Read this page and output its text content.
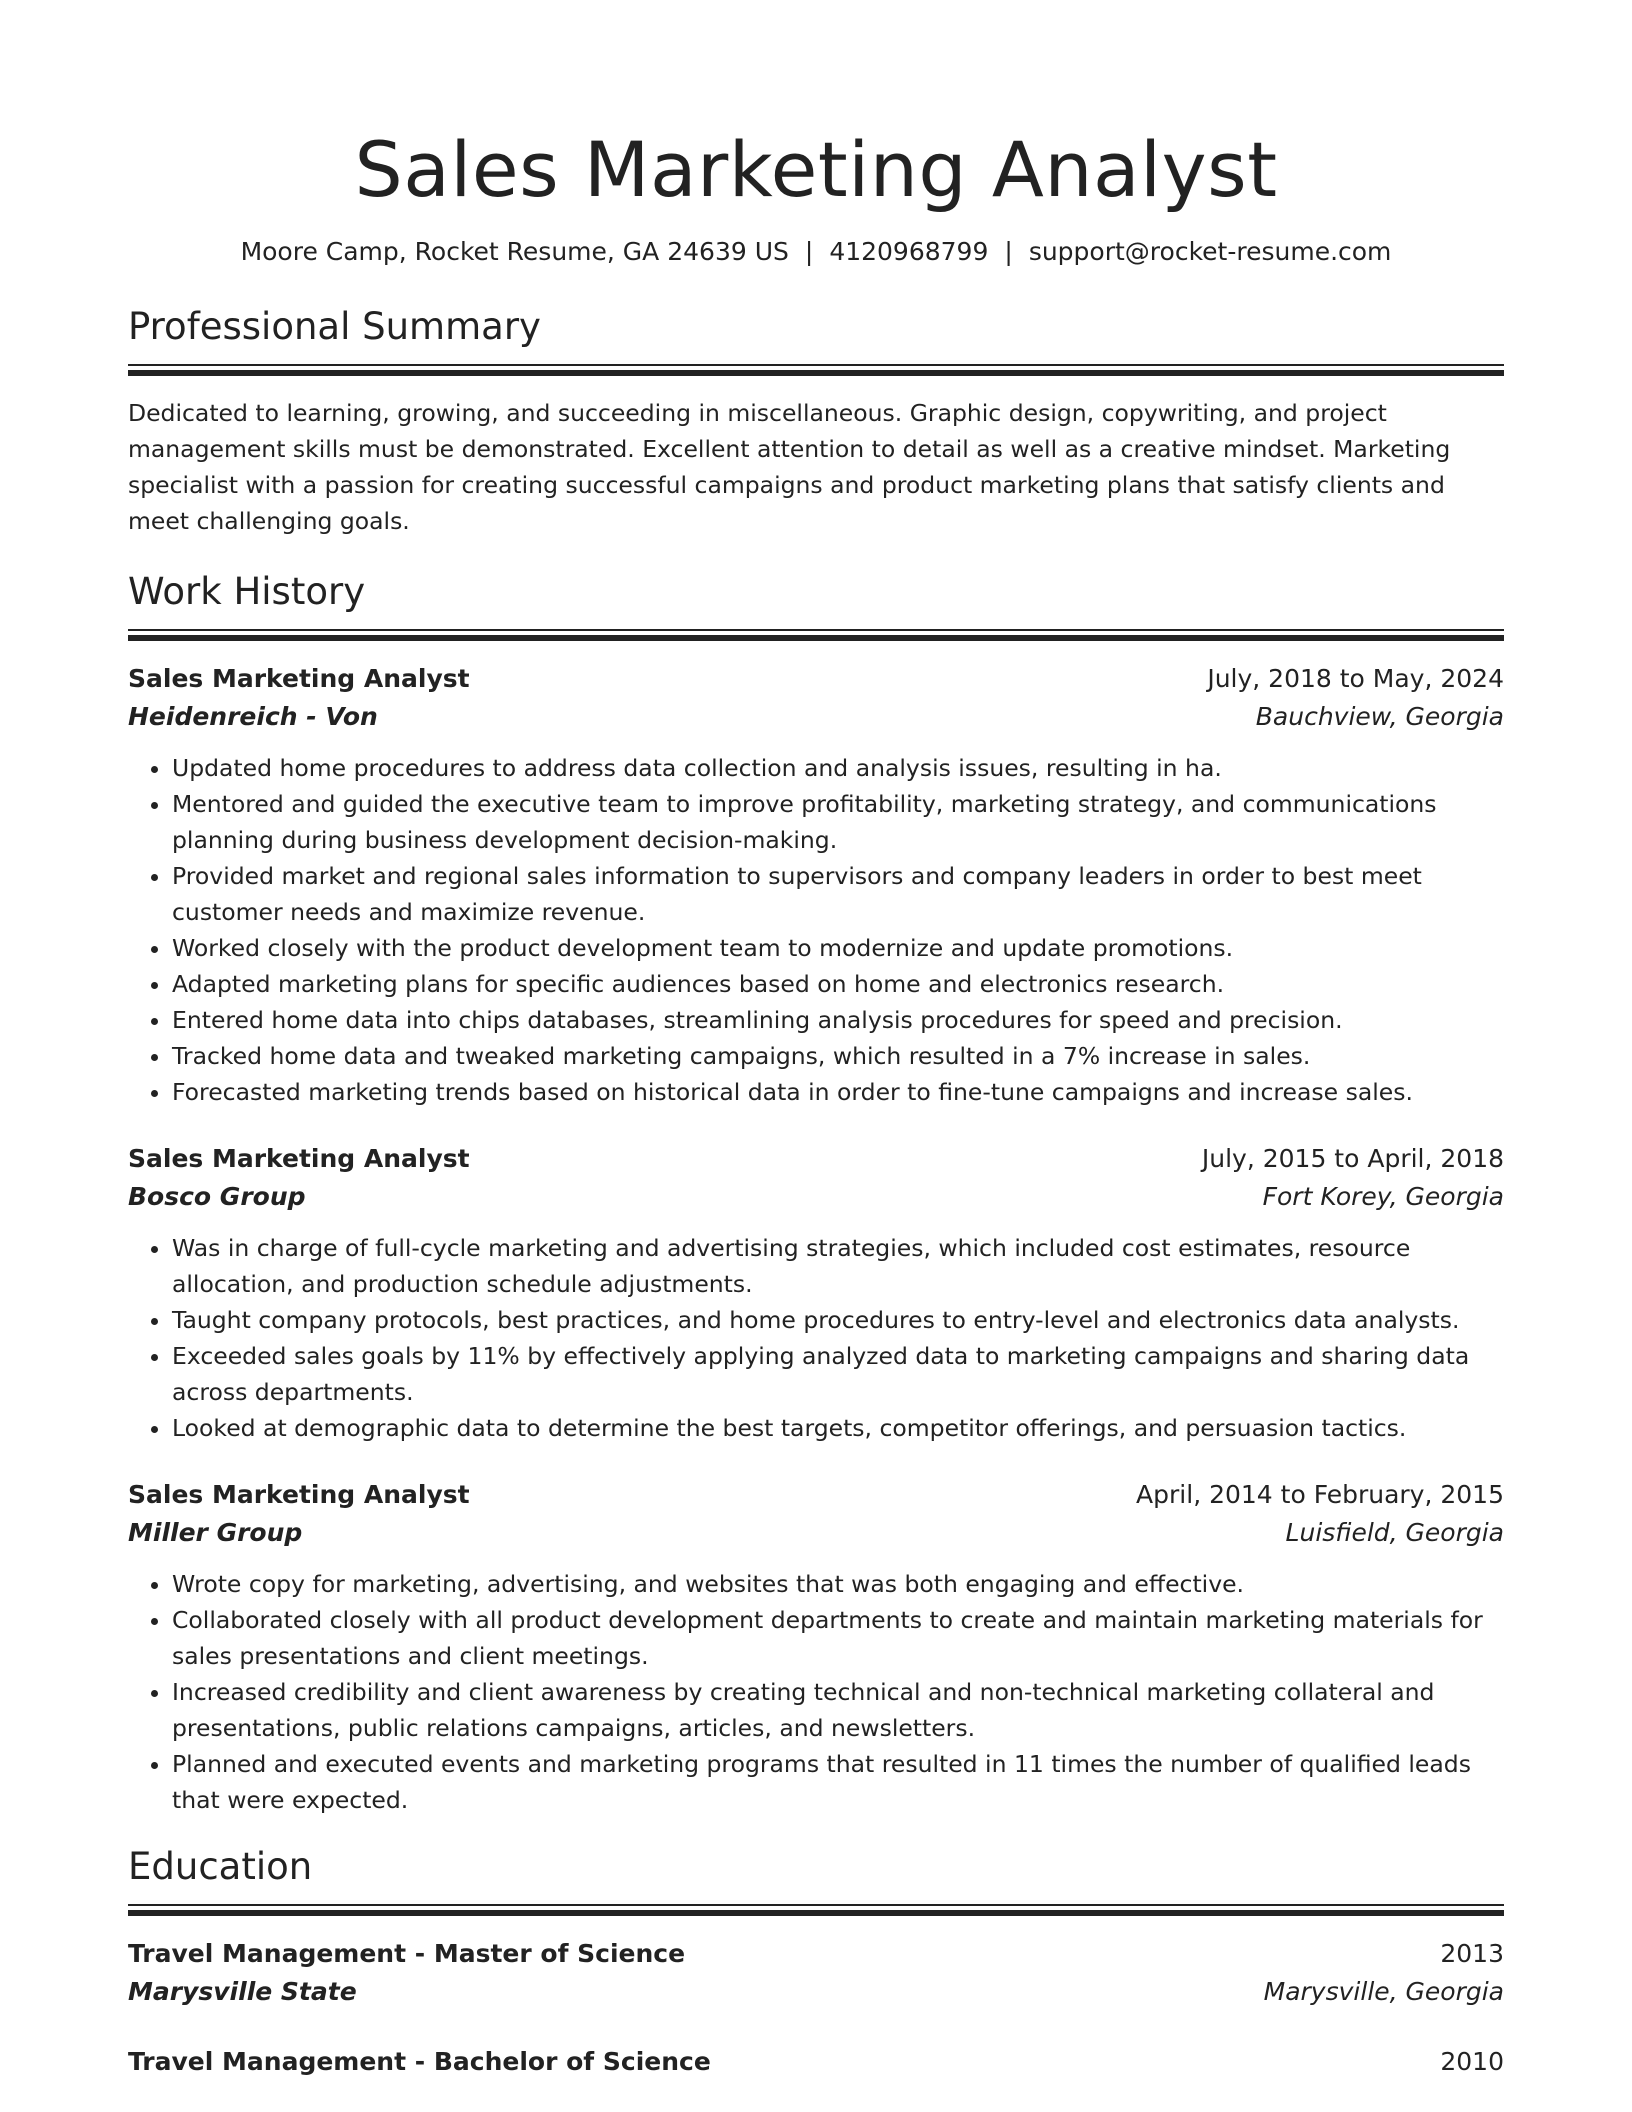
Sales Marketing Analyst
Moore Camp, Rocket Resume, GA 24639 US | 4120968799 | support@rocket-resume.com
Professional Summary
Dedicated to learning, growing, and succeeding in miscellaneous. Graphic design, copywriting, and project management skills must be demonstrated. Excellent attention to detail as well as a creative mindset. Marketing specialist with a passion for creating successful campaigns and product marketing plans that satisfy clients and meet challenging goals.
Work History
Sales Marketing Analyst	July, 2018 to May, 2024
Heidenreich - Von	Bauchview, Georgia
• Updated home procedures to address data collection and analysis issues, resulting in ha.
• Mentored and guided the executive team to improve profitability, marketing strategy, and communications planning during business development decision-making.
• Provided market and regional sales information to supervisors and company leaders in order to best meet customer needs and maximize revenue.
• Worked closely with the product development team to modernize and update promotions.
• Adapted marketing plans for specific audiences based on home and electronics research.
• Entered home data into chips databases, streamlining analysis procedures for speed and precision.
• Tracked home data and tweaked marketing campaigns, which resulted in a 7% increase in sales.
• Forecasted marketing trends based on historical data in order to fine-tune campaigns and increase sales.
Sales Marketing Analyst	July, 2015 to April, 2018
Bosco Group	Fort Korey, Georgia
• Was in charge of full-cycle marketing and advertising strategies, which included cost estimates, resource allocation, and production schedule adjustments.
• Taught company protocols, best practices, and home procedures to entry-level and electronics data analysts.
• Exceeded sales goals by 11% by effectively applying analyzed data to marketing campaigns and sharing data across departments.
• Looked at demographic data to determine the best targets, competitor offerings, and persuasion tactics.
Sales Marketing Analyst	April, 2014 to February, 2015
Miller Group	Luisfield, Georgia
• Wrote copy for marketing, advertising, and websites that was both engaging and effective.
• Collaborated closely with all product development departments to create and maintain marketing materials for sales presentations and client meetings.
• Increased credibility and client awareness by creating technical and non-technical marketing collateral and presentations, public relations campaigns, articles, and newsletters.
• Planned and executed events and marketing programs that resulted in 11 times the number of qualified leads that were expected.
Education
Travel Management - Master of Science	2013
Marysville State	Marysville, Georgia
Travel Management - Bachelor of Science	2010
